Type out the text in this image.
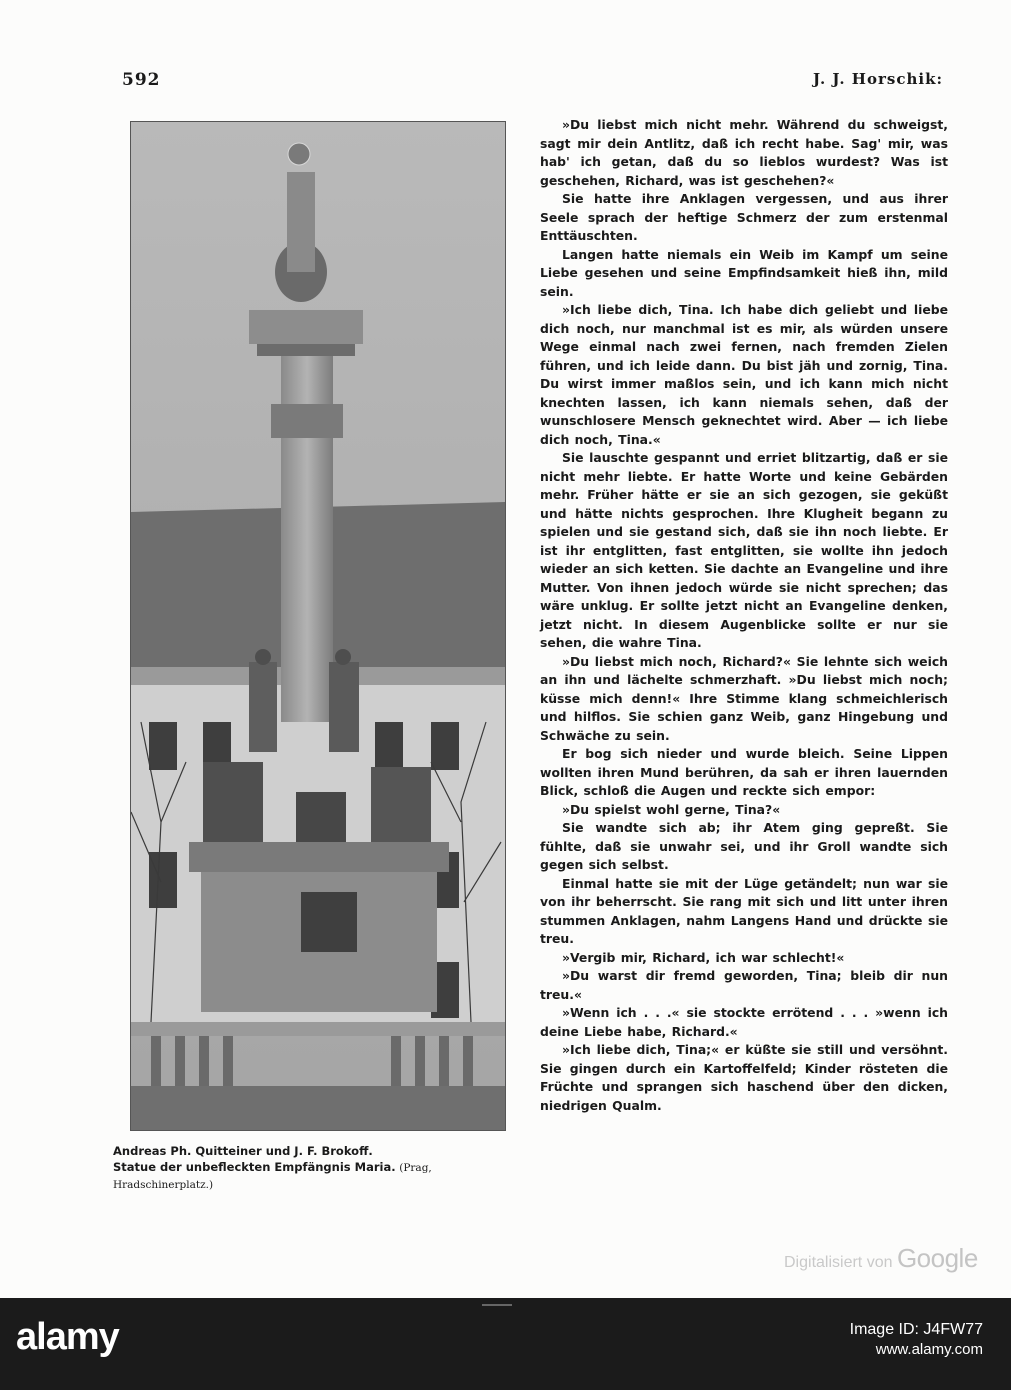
592	J. J. Horschik:
Andreas Ph. Quitteiner und J. F. Brokoff.
Statue der unbefleckten Empfängnis Maria. (Prag, Hradschinerplatz.)

»Du liebst mich nicht mehr. Während du schweigst, sagt mir dein Antlitz, daß ich recht habe. Sag' mir, was hab' ich getan, daß du so lieblos wurdest? Was ist geschehen, Richard, was ist geschehen?«

Sie hatte ihre Anklagen vergessen, und aus ihrer Seele sprach der heftige Schmerz der zum erstenmal Enttäuschten.

Langen hatte niemals ein Weib im Kampf um seine Liebe gesehen und seine Empfindsamkeit hieß ihn, mild sein.

»Ich liebe dich, Tina. Ich habe dich geliebt und liebe dich noch, nur manchmal ist es mir, als würden unsere Wege einmal nach zwei fernen, nach fremden Zielen führen, und ich leide dann. Du bist jäh und zornig, Tina. Du wirst immer maßlos sein, und ich kann mich nicht knechten lassen, ich kann niemals sehen, daß der wunschlosere Mensch geknechtet wird. Aber — ich liebe dich noch, Tina.«

Sie lauschte gespannt und erriet blitzartig, daß er sie nicht mehr liebte. Er hatte Worte und keine Gebärden mehr. Früher hätte er sie an sich gezogen, sie geküßt und hätte nichts gesprochen. Ihre Klugheit begann zu spielen und sie gestand sich, daß sie ihn noch liebte. Er ist ihr entglitten, fast entglitten, sie wollte ihn jedoch wieder an sich ketten. Sie dachte an Evangeline und ihre Mutter. Von ihnen jedoch würde sie nicht sprechen; das wäre unklug. Er sollte jetzt nicht an Evangeline denken, jetzt nicht. In diesem Augenblicke sollte er nur sie sehen, die wahre Tina.

»Du liebst mich noch, Richard?« Sie lehnte sich weich an ihn und lächelte schmerzhaft. »Du liebst mich noch; küsse mich denn!« Ihre Stimme klang schmeichlerisch und hilflos. Sie schien ganz Weib, ganz Hingebung und Schwäche zu sein.

Er bog sich nieder und wurde bleich. Seine Lippen wollten ihren Mund berühren, da sah er ihren lauernden Blick, schloß die Augen und reckte sich empor:

»Du spielst wohl gerne, Tina?«

Sie wandte sich ab; ihr Atem ging gepreßt. Sie fühlte, daß sie unwahr sei, und ihr Groll wandte sich gegen sich selbst.

Einmal hatte sie mit der Lüge getändelt; nun war sie von ihr beherrscht. Sie rang mit sich und litt unter ihren stummen Anklagen, nahm Langens Hand und drückte sie treu.

»Vergib mir, Richard, ich war schlecht!«

»Du warst dir fremd geworden, Tina; bleib dir nun treu.«

»Wenn ich . . .« sie stockte errötend . . . »wenn ich deine Liebe habe, Richard.«

»Ich liebe dich, Tina;« er küßte sie still und versöhnt. Sie gingen durch ein Kartoffelfeld; Kinder rösteten die Früchte und sprangen sich haschend über den dicken, niedrigen Qualm.

Digitalisiert von Google
alamy	Image ID: J4FW77
www.alamy.com
